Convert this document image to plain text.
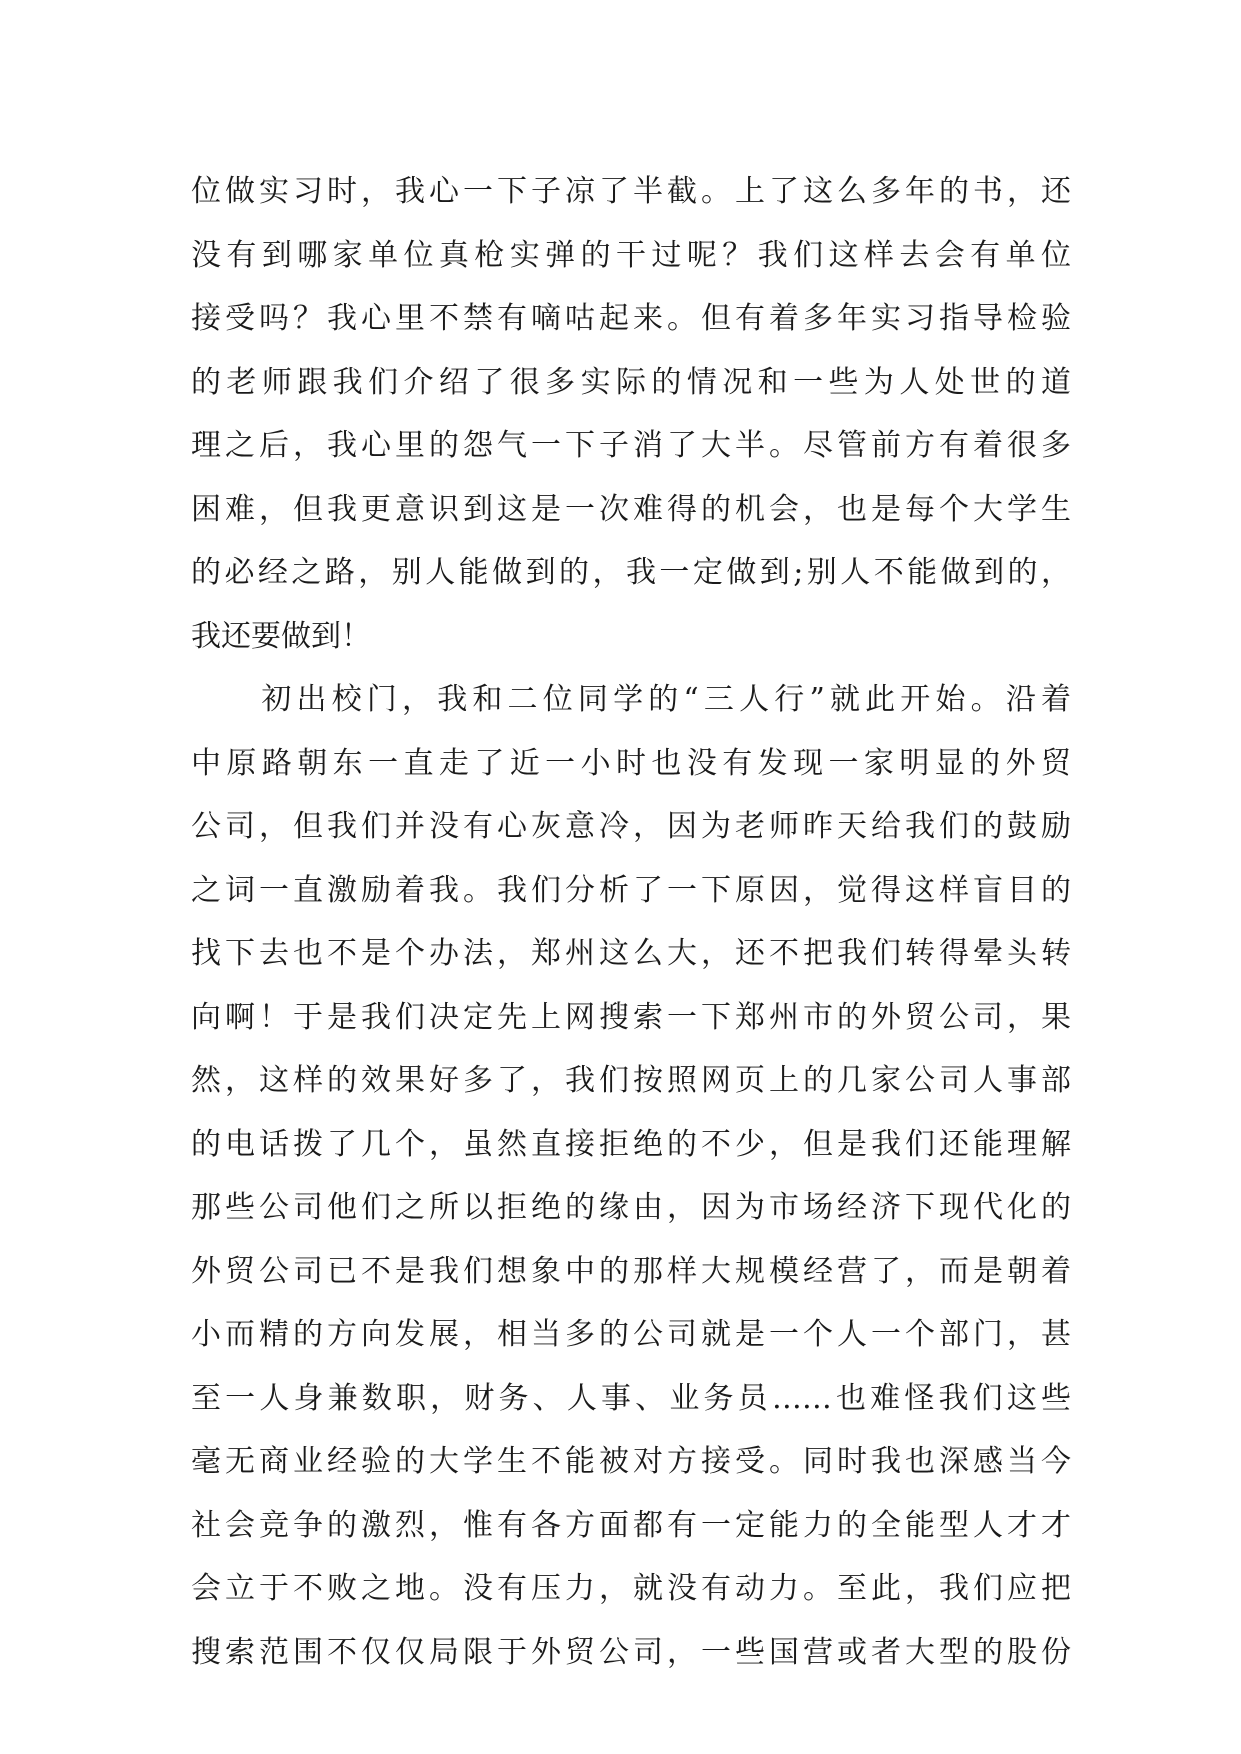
位做实习时，我心一下子凉了半截。上了这么多年的书，还
没有到哪家单位真枪实弹的干过呢？我们这样去会有单位
接受吗？我心里不禁有嘀咕起来。但有着多年实习指导检验
的老师跟我们介绍了很多实际的情况和一些为人处世的道
理之后，我心里的怨气一下子消了大半。尽管前方有着很多
困难，但我更意识到这是一次难得的机会，也是每个大学生
的必经之路，别人能做到的，我一定做到;别人不能做到的，
我还要做到！
　　初出校门，我和二位同学的“三人行”就此开始。沿着
中原路朝东一直走了近一小时也没有发现一家明显的外贸
公司，但我们并没有心灰意冷，因为老师昨天给我们的鼓励
之词一直激励着我。我们分析了一下原因，觉得这样盲目的
找下去也不是个办法，郑州这么大，还不把我们转得晕头转
向啊！于是我们决定先上网搜索一下郑州市的外贸公司，果
然，这样的效果好多了，我们按照网页上的几家公司人事部
的电话拨了几个，虽然直接拒绝的不少，但是我们还能理解
那些公司他们之所以拒绝的缘由，因为市场经济下现代化的
外贸公司已不是我们想象中的那样大规模经营了，而是朝着
小而精的方向发展，相当多的公司就是一个人一个部门，甚
至一人身兼数职，财务、人事、业务员……也难怪我们这些
毫无商业经验的大学生不能被对方接受。同时我也深感当今
社会竞争的激烈，惟有各方面都有一定能力的全能型人才才
会立于不败之地。没有压力，就没有动力。至此，我们应把
搜索范围不仅仅局限于外贸公司，一些国营或者大型的股份
